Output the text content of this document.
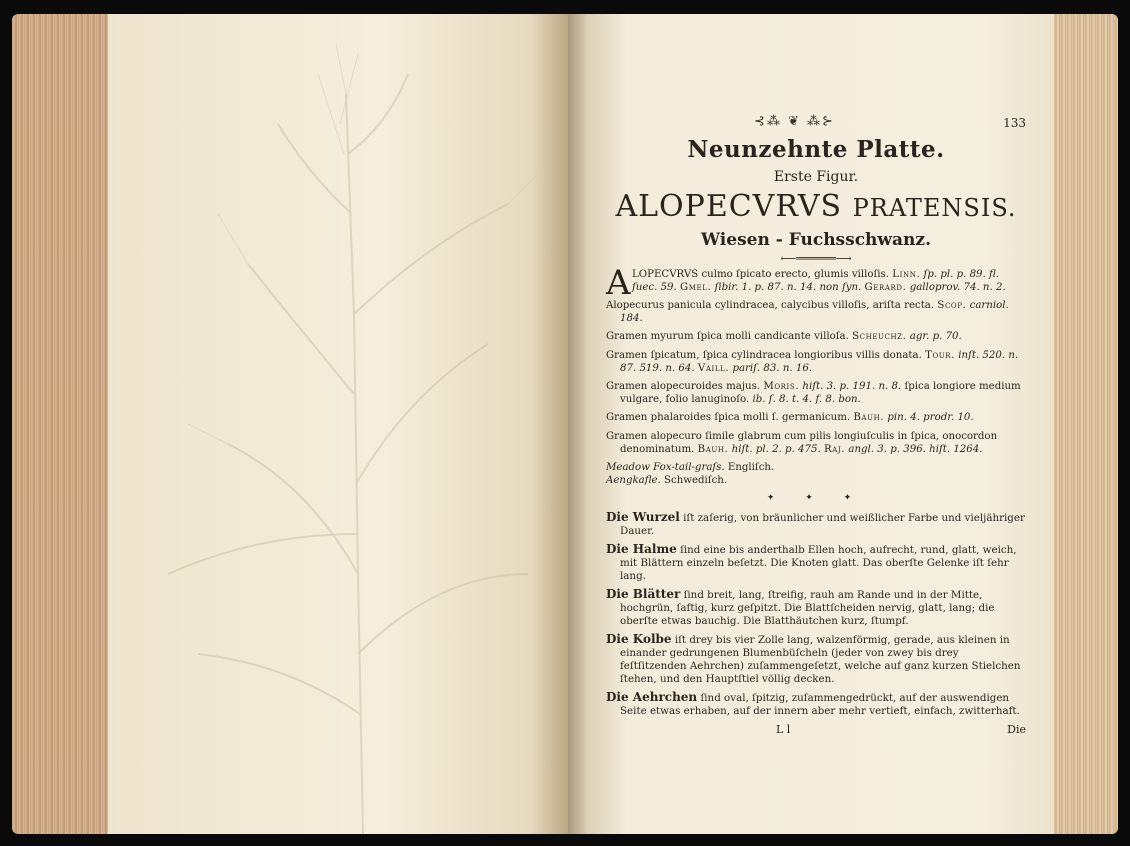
⊰⁂ ❦ ⁂⊱	133
Neunzehnte Platte.
Erste Figur.
ALOPECVRVS PRATENSIS.
Wiesen - Fuchsschwanz.
⟵══════⟶

A LOPECVRVS culmo ſpicato erecto, glumis villoſis. Linn. ſp. pl. p. 89. fl. ſuec. 59. Gmel. ſibir. 1. p. 87. n. 14. non ſyn. Gerard. galloprov. 74. n. 2.

Alopecurus panicula cylindracea, calycibus villoſis, ariſta recta. Scop. carniol. 184.

Gramen myurum ſpica molli candicante villoſa. Scheuchz. agr. p. 70.

Gramen ſpicatum, ſpica cylindracea longioribus villis donata. Tour. inſt. 520. n. 87. 519. n. 64. Vaill. pariſ. 83. n. 16.

Gramen alopecuroides majus. Moris. hiſt. 3. p. 191. n. 8. ſpica longiore medium vulgare, folio lanuginoſo. ib. ſ. 8. t. 4. f. 8. bon.

Gramen phalaroides ſpica molli ſ. germanicum. Bauh. pin. 4. prodr. 10.

Gramen alopecuro ſimile glabrum cum pilis longiuſculis in ſpica, onocordon denominatum. Bauh. hiſt. pl. 2. p. 475. Raj. angl. 3. p. 396. hiſt. 1264.

Meadow Fox-tail-graſs. Engliſch.

Aengkafle. Schwediſch.

✦ ✦ ✦

Die Wurzel iſt zaſerig, von bräunlicher und weißlicher Farbe und vieljähriger Dauer.

Die Halme ſind eine bis anderthalb Ellen hoch, aufrecht, rund, glatt, weich, mit Blättern einzeln beſetzt. Die Knoten glatt. Das oberſte Gelenke iſt ſehr lang.

Die Blätter ſind breit, lang, ſtreifig, rauh am Rande und in der Mitte, hochgrün, ſaftig, kurz geſpitzt. Die Blattſcheiden nervig, glatt, lang; die oberſte etwas bauchig. Die Blatthäutchen kurz, ſtumpf.

Die Kolbe iſt drey bis vier Zolle lang, walzenförmig, gerade, aus kleinen in einander gedrungenen Blumenbüſcheln (jeder von zwey bis drey feſtſitzenden Aehrchen) zuſammengeſetzt, welche auf ganz kurzen Stielchen ſtehen, und den Hauptſtiel völlig decken.

Die Aehrchen ſind oval, ſpitzig, zuſammengedrückt, auf der auswendigen Seite etwas erhaben, auf der innern aber mehr vertieft, einfach, zwitterhaft.

L l	Die
